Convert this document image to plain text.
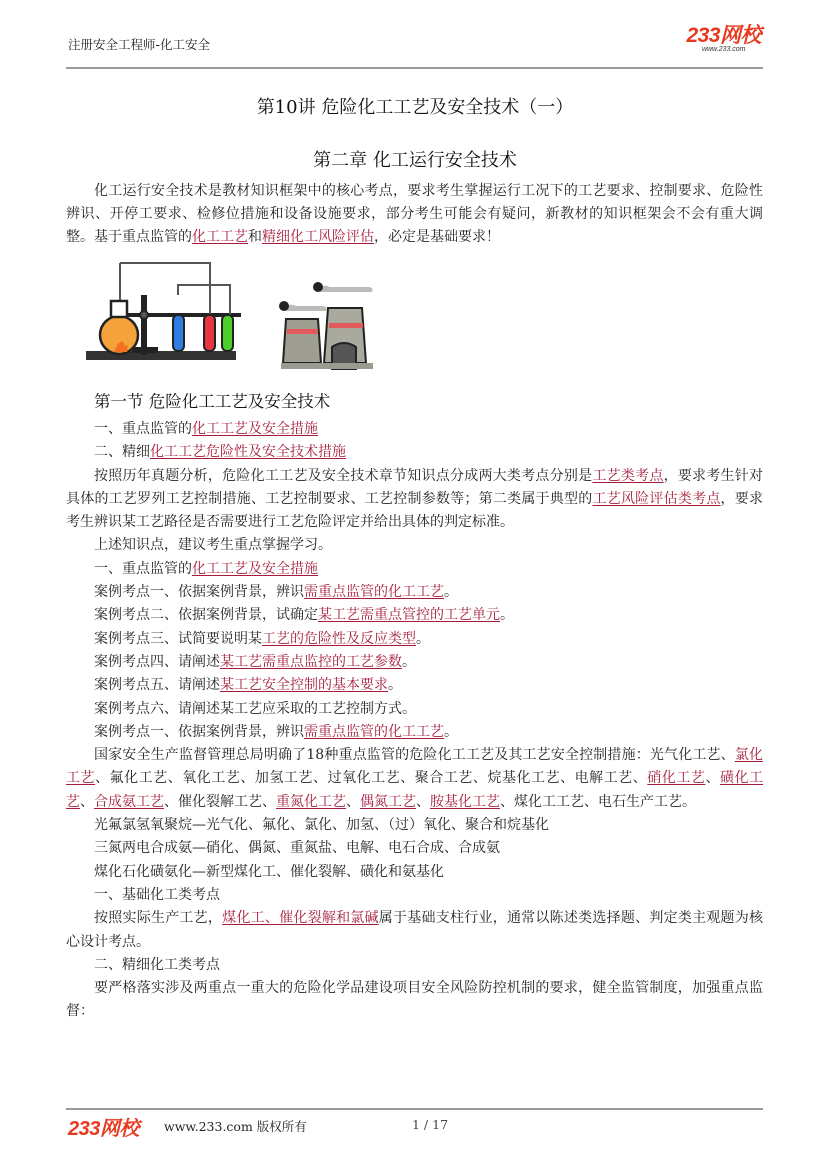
注册安全工程师-化工安全	233网校
www.233.com
第10讲 危险化工工艺及安全技术（一）
第二章 化工运行安全技术

化工运行安全技术是教材知识框架中的核心考点，要求考生掌握运行工况下的工艺要求、控制要求、危险性辨识、开停工要求、检修位措施和设备设施要求，部分考生可能会有疑问，新教材的知识框架会不会有重大调整。基于重点监管的化工工艺和精细化工风险评估，必定是基础要求！

第一节 危险化工工艺及安全技术
一、重点监管的化工工艺及安全措施
二、精细化工工艺危险性及安全技术措施

按照历年真题分析，危险化工工艺及安全技术章节知识点分成两大类考点分别是工艺类考点，要求考生针对具体的工艺罗列工艺控制措施、工艺控制要求、工艺控制参数等；第二类属于典型的工艺风险评估类考点，要求考生辨识某工艺路径是否需要进行工艺危险评定并给出具体的判定标准。

上述知识点，建议考生重点掌握学习。
一、重点监管的化工工艺及安全措施
案例考点一、依据案例背景，辨识需重点监管的化工工艺。
案例考点二、依据案例背景，试确定某工艺需重点管控的工艺单元。
案例考点三、试简要说明某工艺的危险性及反应类型。
案例考点四、请阐述某工艺需重点监控的工艺参数。
案例考点五、请阐述某工艺安全控制的基本要求。
案例考点六、请阐述某工艺应采取的工艺控制方式。
案例考点一、依据案例背景，辨识需重点监管的化工工艺。

国家安全生产监督管理总局明确了18种重点监管的危险化工工艺及其工艺安全控制措施：光气化工艺、氯化工艺、氟化工艺、氧化工艺、加氢工艺、过氧化工艺、聚合工艺、烷基化工艺、电解工艺、硝化工艺、磺化工艺、合成氨工艺、催化裂解工艺、重氮化工艺、偶氮工艺、胺基化工艺、煤化工工艺、电石生产工艺。

光氟氯氢氧聚烷—光气化、氟化、氯化、加氢、（过）氧化、聚合和烷基化
三氮两电合成氨—硝化、偶氮、重氮盐、电解、电石合成、合成氨
煤化石化磺氨化—新型煤化工、催化裂解、磺化和氨基化
一、基础化工类考点

按照实际生产工艺，煤化工、催化裂解和氯碱属于基础支柱行业，通常以陈述类选择题、判定类主观题为核心设计考点。

二、精细化工类考点

要严格落实涉及两重点一重大的危险化学品建设项目安全风险防控机制的要求，健全监管制度，加强重点监督：

233网校 www.233.com 版权所有	1 / 17
